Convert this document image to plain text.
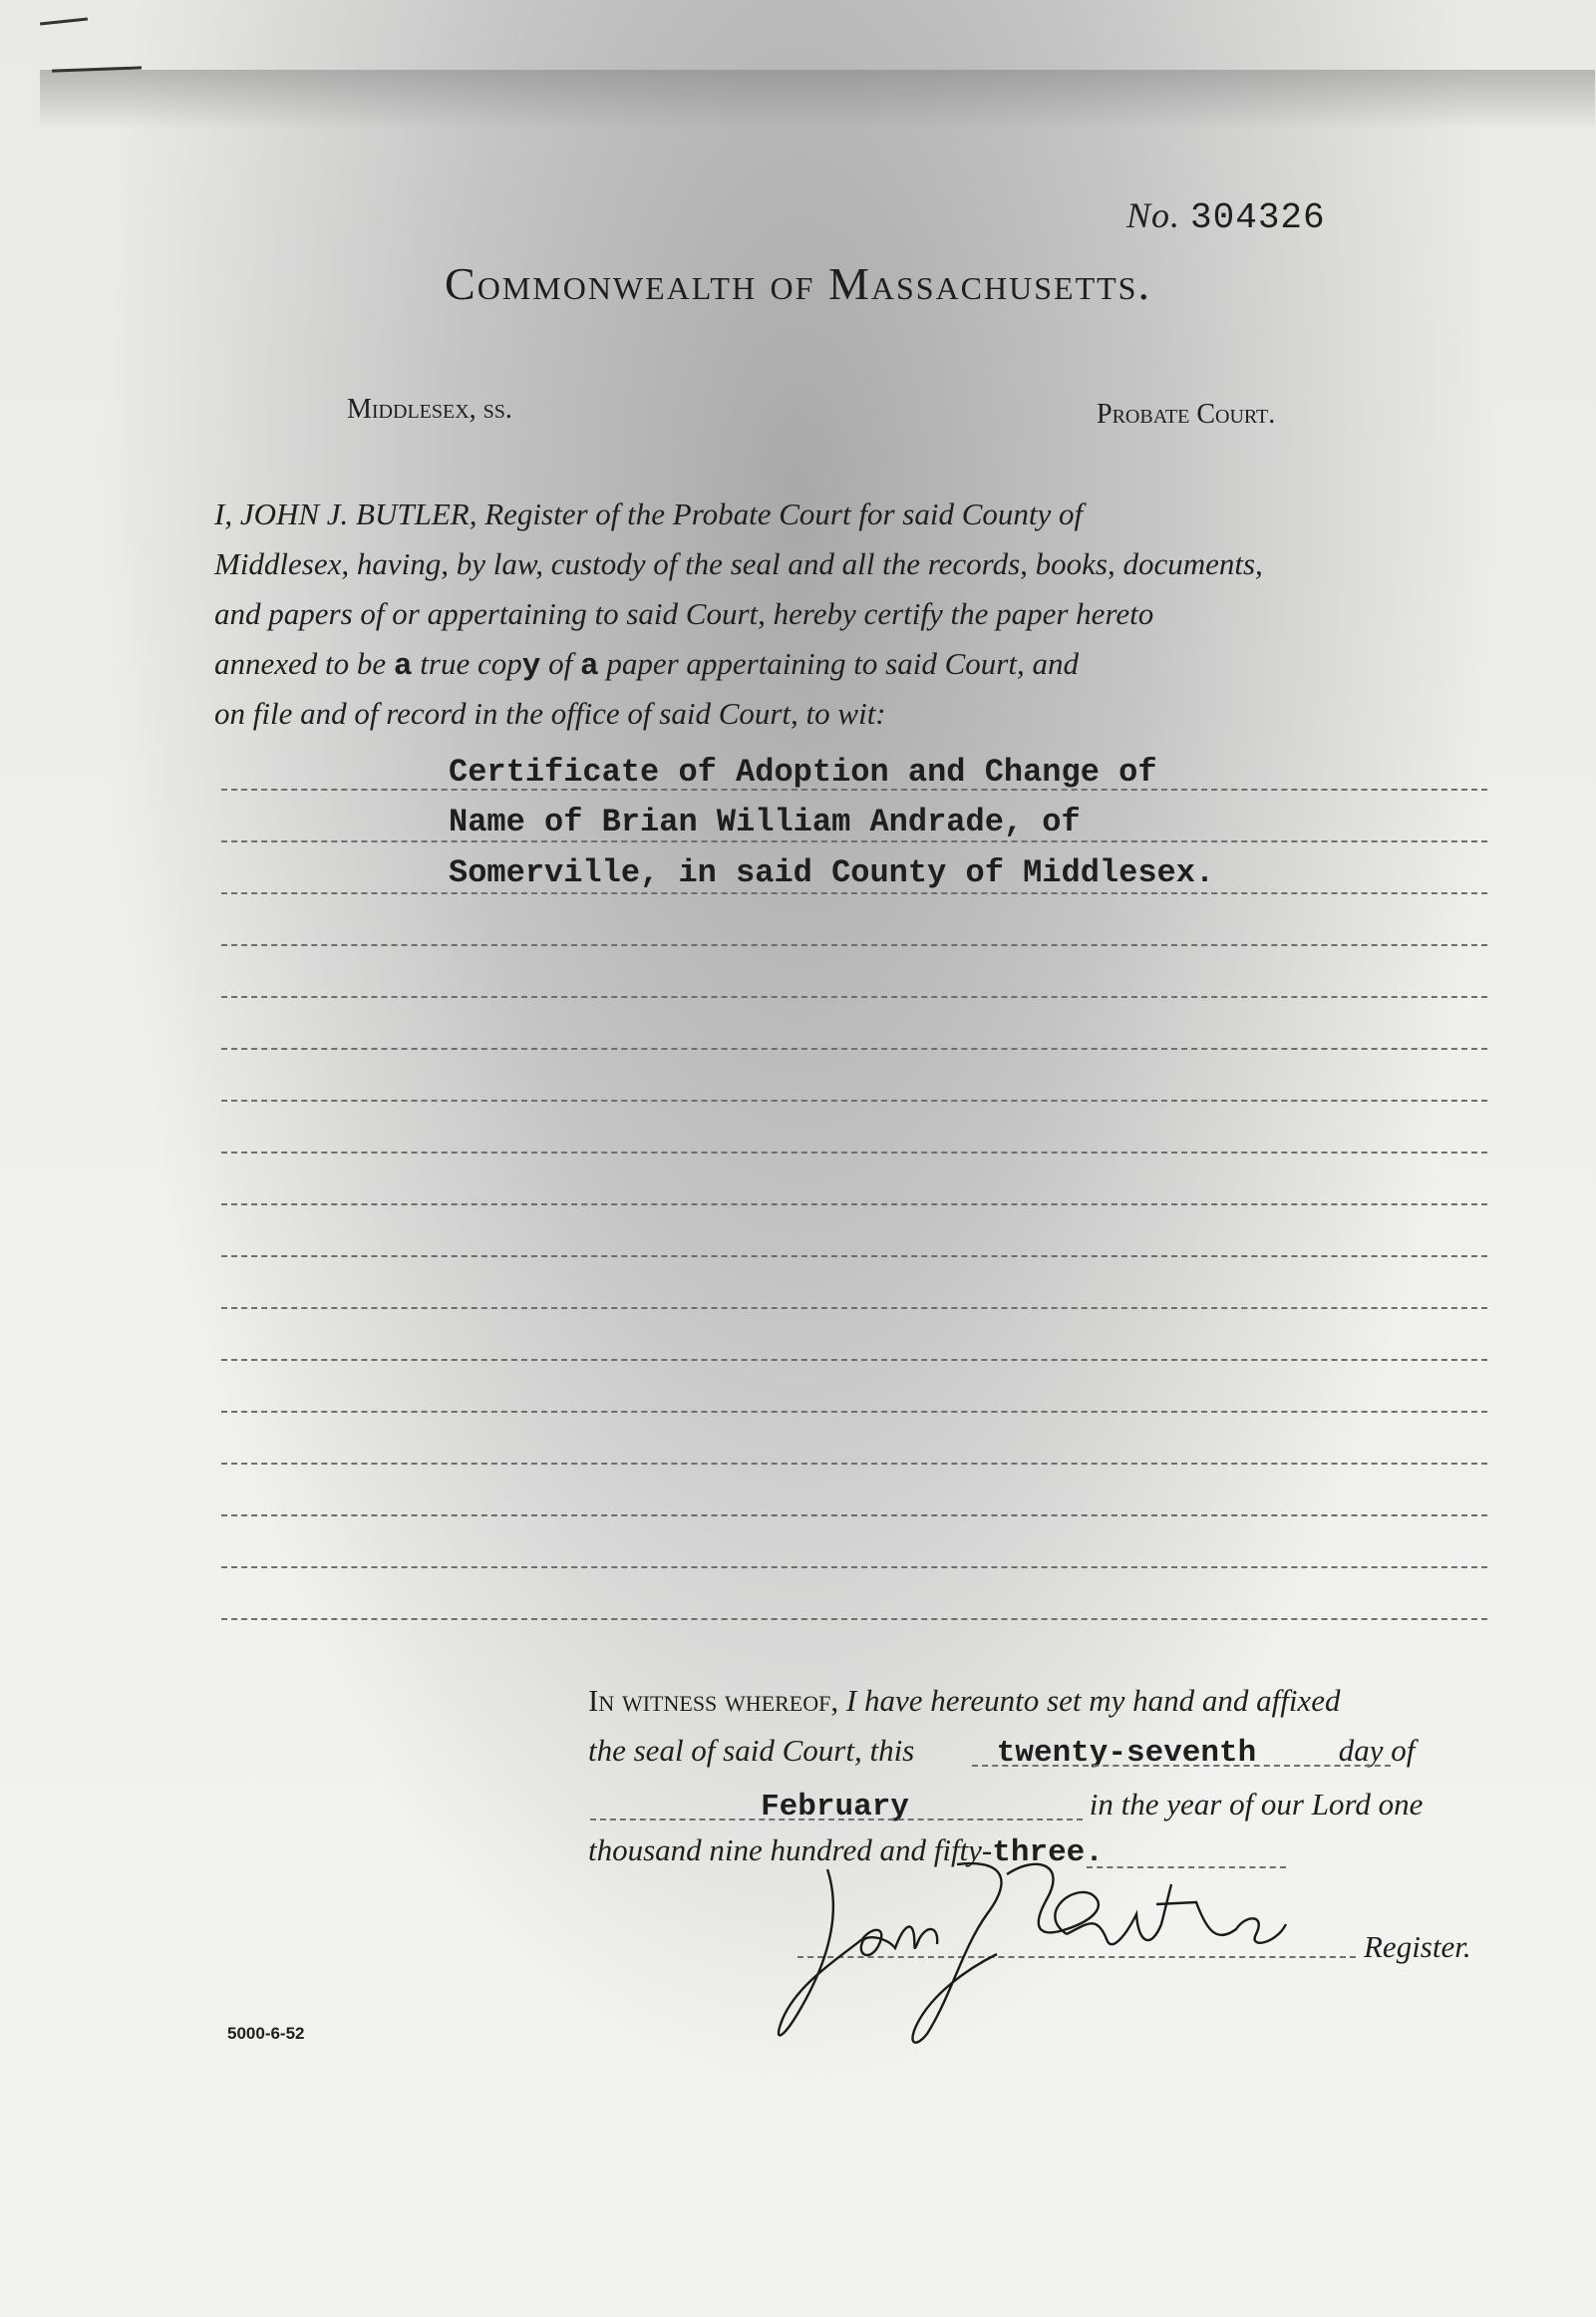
No. 304326
Commonwealth of Massachusetts.
Middlesex, ss.	Probate Court.
I, JOHN J. BUTLER, Register of the Probate Court for said County of
Middlesex, having, by law, custody of the seal and all the records, books, documents,
and papers of or appertaining to said Court, hereby certify the paper hereto
annexed to be a true copy of a paper appertaining to said Court, and
on file and of record in the office of said Court, to wit:
Certificate of Adoption and Change of
Name of Brian William Andrade, of
Somerville, in said County of Middlesex.
In witness whereof, I have hereunto set my hand and affixed
the seal of said Court, this	twenty-seventh	day of
February	in the year of our Lord one
thousand nine hundred and fifty-three.
Register.
5000-6-52
